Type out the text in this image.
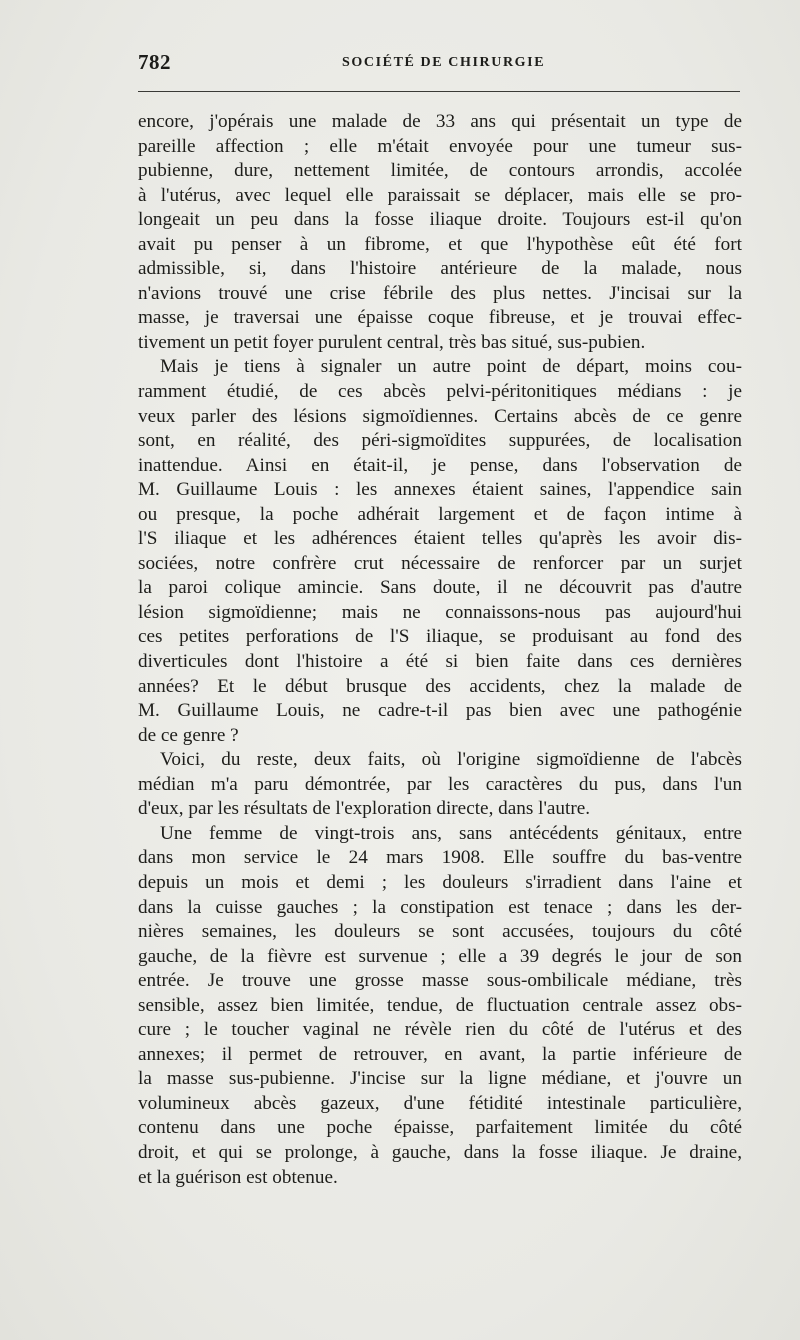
782	SOCIÉTÉ DE CHIRURGIE
encore, j'opérais une malade de 33 ans qui présentait un type de
pareille affection ; elle m'était envoyée pour une tumeur sus-
pubienne, dure, nettement limitée, de contours arrondis, accolée
à l'utérus, avec lequel elle paraissait se déplacer, mais elle se pro-
longeait un peu dans la fosse iliaque droite. Toujours est-il qu'on
avait pu penser à un fibrome, et que l'hypothèse eût été fort
admissible, si, dans l'histoire antérieure de la malade, nous
n'avions trouvé une crise fébrile des plus nettes. J'incisai sur la
masse, je traversai une épaisse coque fibreuse, et je trouvai effec-
tivement un petit foyer purulent central, très bas situé, sus-pubien.
Mais je tiens à signaler un autre point de départ, moins cou-
ramment étudié, de ces abcès pelvi-péritonitiques médians : je
veux parler des lésions sigmoïdiennes. Certains abcès de ce genre
sont, en réalité, des péri-sigmoïdites suppurées, de localisation
inattendue. Ainsi en était-il, je pense, dans l'observation de
M. Guillaume Louis : les annexes étaient saines, l'appendice sain
ou presque, la poche adhérait largement et de façon intime à
l'S iliaque et les adhérences étaient telles qu'après les avoir dis-
sociées, notre confrère crut nécessaire de renforcer par un surjet
la paroi colique amincie. Sans doute, il ne découvrit pas d'autre
lésion sigmoïdienne; mais ne connaissons-nous pas aujourd'hui
ces petites perforations de l'S iliaque, se produisant au fond des
diverticules dont l'histoire a été si bien faite dans ces dernières
années? Et le début brusque des accidents, chez la malade de
M. Guillaume Louis, ne cadre-t-il pas bien avec une pathogénie
de ce genre ?
Voici, du reste, deux faits, où l'origine sigmoïdienne de l'abcès
médian m'a paru démontrée, par les caractères du pus, dans l'un
d'eux, par les résultats de l'exploration directe, dans l'autre.
Une femme de vingt-trois ans, sans antécédents génitaux, entre
dans mon service le 24 mars 1908. Elle souffre du bas-ventre
depuis un mois et demi ; les douleurs s'irradient dans l'aine et
dans la cuisse gauches ; la constipation est tenace ; dans les der-
nières semaines, les douleurs se sont accusées, toujours du côté
gauche, de la fièvre est survenue ; elle a 39 degrés le jour de son
entrée. Je trouve une grosse masse sous-ombilicale médiane, très
sensible, assez bien limitée, tendue, de fluctuation centrale assez obs-
cure ; le toucher vaginal ne révèle rien du côté de l'utérus et des
annexes; il permet de retrouver, en avant, la partie inférieure de
la masse sus-pubienne. J'incise sur la ligne médiane, et j'ouvre un
volumineux abcès gazeux, d'une fétidité intestinale particulière,
contenu dans une poche épaisse, parfaitement limitée du côté
droit, et qui se prolonge, à gauche, dans la fosse iliaque. Je draine,
et la guérison est obtenue.
